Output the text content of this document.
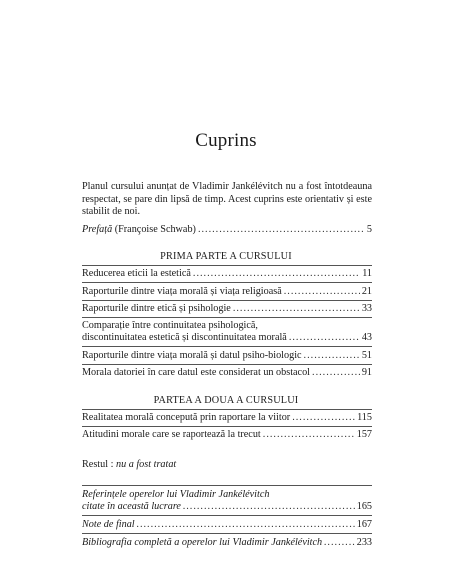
Cuprins
Planul cursului anunțat de Vladimir Jankélévitch nu a fost întotdeauna respectat, se pare din lipsă de timp. Acest cuprins este orientativ și este stabilit de noi.
Prefață (Françoise Schwab) .....	5
PRIMA PARTE A CURSULUI
Reducerea eticii la estetică .....	11
Raporturile dintre viața morală și viața religioasă .....	21
Raporturile dintre etică și psihologie .....	33
Comparație între continuitatea psihologică,
discontinuitatea estetică și discontinuitatea morală .....	43
Raporturile dintre viața morală și datul psiho-biologic .....	51
Morala datoriei în care datul este considerat un obstacol .....	91
PARTEA A DOUA A CURSULUI
Realitatea morală concepută prin raportare la viitor .....	115
Atitudini morale care se raportează la trecut .....	157
Restul : nu a fost tratat
Referințele operelor lui Vladimir Jankélévitch
citate în această lucrare .....	165
Note de final .....	167
Bibliografia completă a operelor lui Vladimir Jankélévitch .....	233
